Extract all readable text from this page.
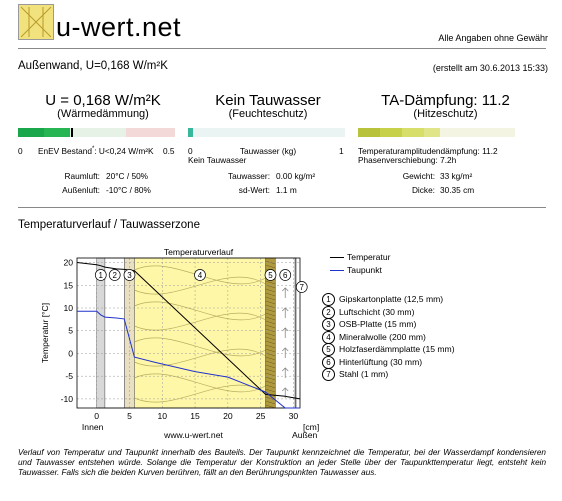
u-wert.net	Alle Angaben ohne Gewähr
Außenwand, U=0,168 W/m²K	(erstellt am 30.6.2013 15:33)
U = 0,168 W/m²K
(Wärmedämmung)
0 EnEV Bestand*: U<0,24 W/m²K 0.5
Kein Tauwasser
(Feuchteschutz)
0	Tauwasser (kg)	1
Kein Tauwasser
TA-Dämpfung: 11.2
(Hitzeschutz)
Temperaturamplitudendämpfung: 11.2
Phasenverschiebung: 7.2h
Raumluft: 20°C / 50%
Außenluft: -10°C / 80%
Tauwasser: 0.00 kg/m²
sd-Wert: 1.1 m
Gewicht: 33 kg/m²
Dicke: 30.35 cm
Temperaturverlauf / Tauwasserzone
1 2 3	4	5 6
7
Temperaturverlauf
0	5	10	15	20	25	30
20
15
10
5
0
-5
-10
Temperatur [°C]
[cm]
Innen
Außen
www.u-wert.net
Temperatur
Taupunkt
1 Gipskartonplatte (12,5 mm)
2 Luftschicht (30 mm)
3 OSB-Platte (15 mm)
4 Mineralwolle (200 mm)
5 Holzfaserdämmplatte (15 mm)
6 Hinterlüftung (30 mm)
7 Stahl (1 mm)
Verlauf von Temperatur und Taupunkt innerhalb des Bauteils. Der Taupunkt kennzeichnet die Temperatur, bei der Wasserdampf kondensieren und Tauwasser entstehen würde. Solange die Temperatur der Konstruktion an jeder Stelle über der Taupunkttemperatur liegt, entsteht kein Tauwasser. Falls sich die beiden Kurven berühren, fällt an den Berührungspunkten Tauwasser aus.
